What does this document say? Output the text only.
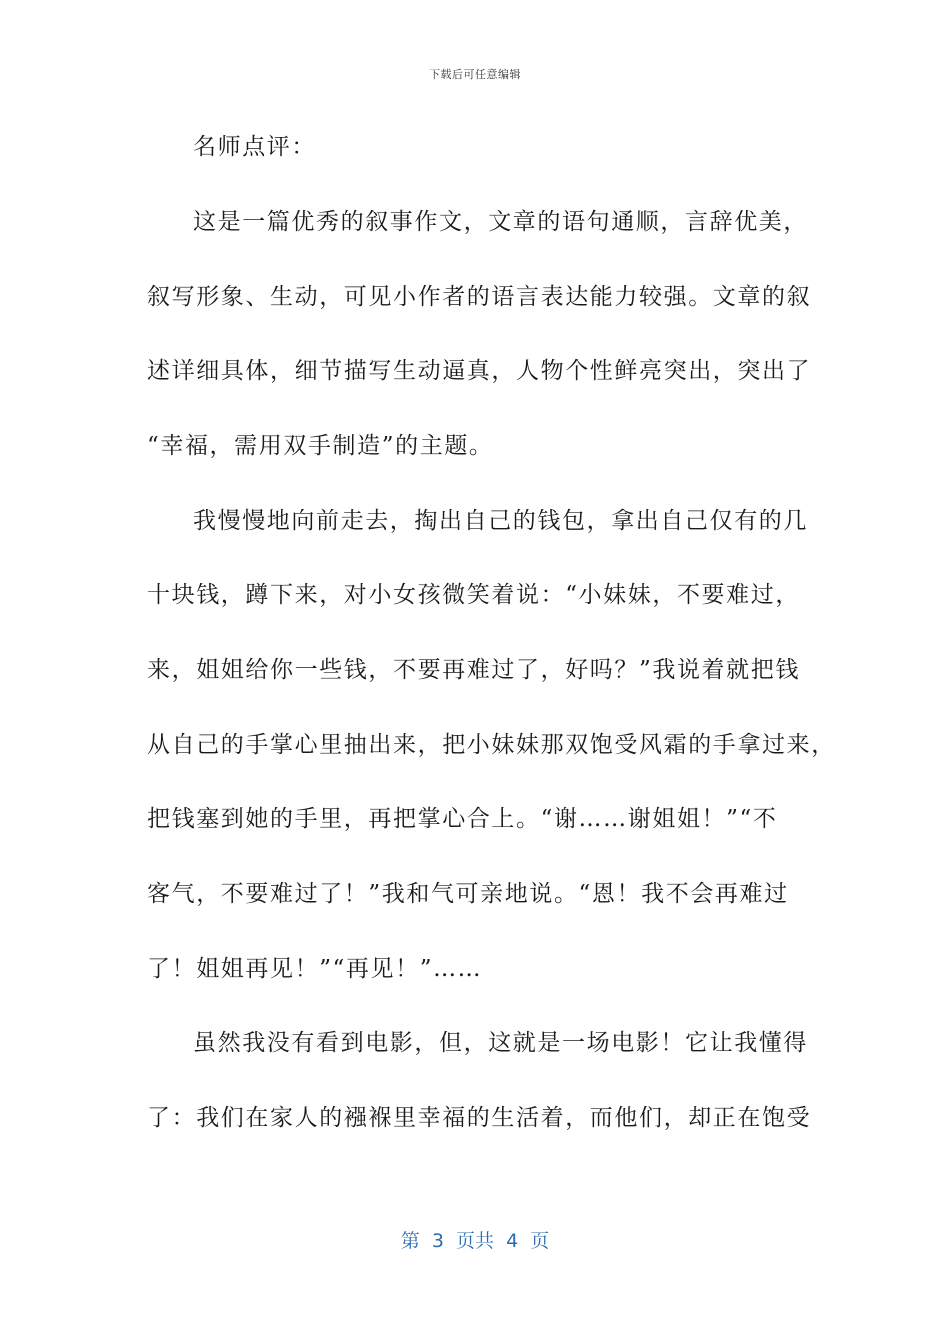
下载后可任意编辑
名师点评：
这是一篇优秀的叙事作文，文章的语句通顺，言辞优美，
叙写形象、生动，可见小作者的语言表达能力较强。文章的叙
述详细具体，细节描写生动逼真，人物个性鲜亮突出，突出了
“幸福，需用双手制造”的主题。
我慢慢地向前走去，掏出自己的钱包，拿出自己仅有的几
十块钱，蹲下来，对小女孩微笑着说：“小妹妹，不要难过，
来，姐姐给你一些钱，不要再难过了，好吗？”我说着就把钱
从自己的手掌心里抽出来，把小妹妹那双饱受风霜的手拿过来，
把钱塞到她的手里，再把掌心合上。“谢……谢姐姐！”“不
客气，不要难过了！”我和气可亲地说。“恩！我不会再难过
了！姐姐再见！”“再见！”……
虽然我没有看到电影，但，这就是一场电影！它让我懂得
了：我们在家人的襁褓里幸福的生活着，而他们，却正在饱受
第  3  页共  4  页
